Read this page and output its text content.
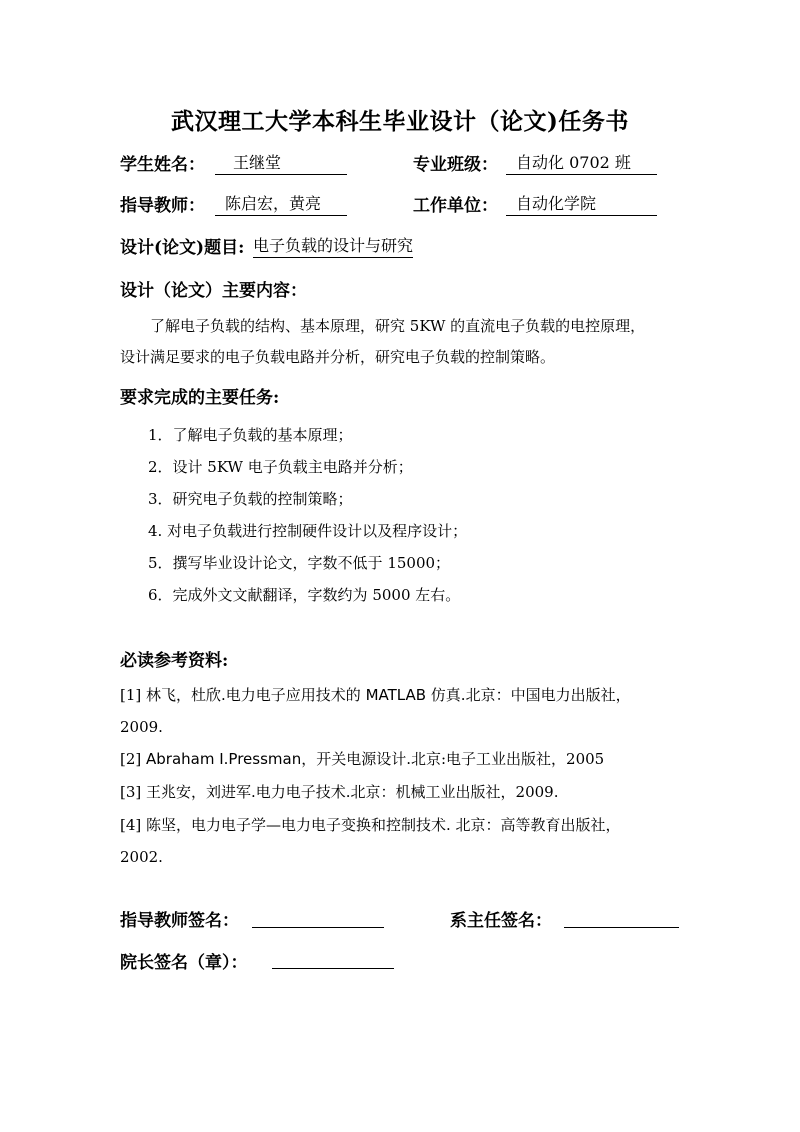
武汉理工大学本科生毕业设计（论文)任务书
学生姓名：	王继堂	专业班级：	自动化 0702 班
指导教师：	陈启宏，黄亮	工作单位：	自动化学院
设计(论文)题目: 电子负载的设计与研究
设计（论文）主要内容：
了解电子负载的结构、基本原理，研究 5KW 的直流电子负载的电控原理，
设计满足要求的电子负载电路并分析，研究电子负载的控制策略。
要求完成的主要任务:
1．了解电子负载的基本原理；
2．设计 5KW 电子负载主电路并分析；
3．研究电子负载的控制策略；
4. 对电子负载进行控制硬件设计以及程序设计；
5．撰写毕业设计论文，字数不低于 15000；
6．完成外文文献翻译，字数约为 5000 左右。
必读参考资料:
[1] 林飞，杜欣.电力电子应用技术的 MATLAB 仿真.北京：中国电力出版社，
2009.
[2] Abraham I.Pressman，开关电源设计.北京:电子工业出版社，2005
[3] 王兆安，刘进军.电力电子技术.北京：机械工业出版社，2009.
[4] 陈坚，电力电子学—电力电子变换和控制技术. 北京：高等教育出版社，
2002.
指导教师签名：	系主任签名：
院长签名（章）：
